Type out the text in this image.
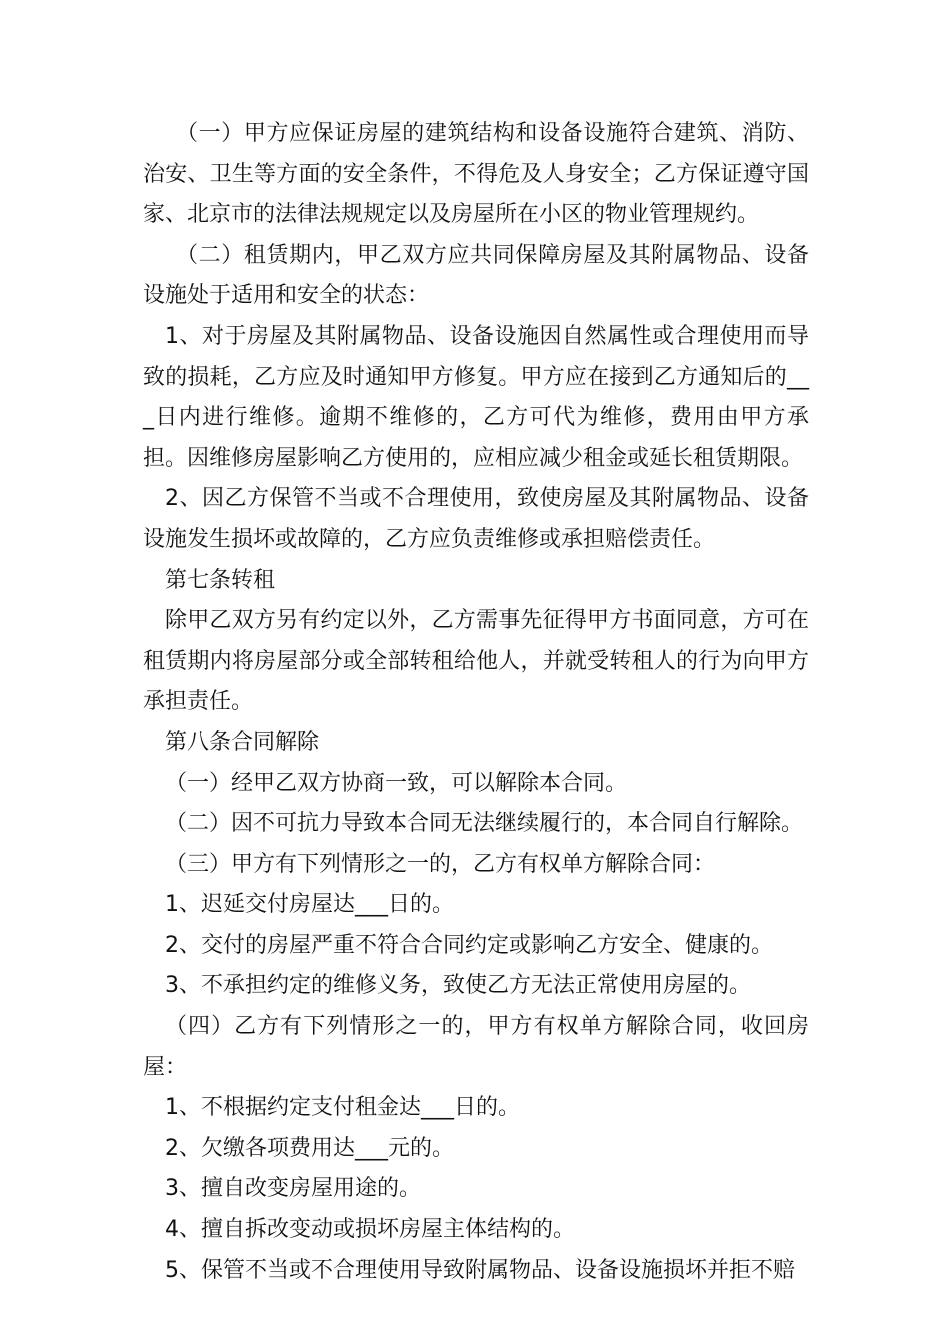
（一）甲方应保证房屋的建筑结构和设备设施符合建筑、消防、治安、卫生等方面的安全条件，不得危及人身安全；乙方保证遵守国家、北京市的法律法规规定以及房屋所在小区的物业管理规约。

（二）租赁期内，甲乙双方应共同保障房屋及其附属物品、设备设施处于适用和安全的状态：

1、对于房屋及其附属物品、设备设施因自然属性或合理使用而导致的损耗，乙方应及时通知甲方修复。甲方应在接到乙方通知后的___日内进行维修。逾期不维修的，乙方可代为维修，费用由甲方承担。因维修房屋影响乙方使用的，应相应减少租金或延长租赁期限。

2、因乙方保管不当或不合理使用，致使房屋及其附属物品、设备设施发生损坏或故障的，乙方应负责维修或承担赔偿责任。

第七条转租

除甲乙双方另有约定以外，乙方需事先征得甲方书面同意，方可在租赁期内将房屋部分或全部转租给他人，并就受转租人的行为向甲方承担责任。

第八条合同解除

（一）经甲乙双方协商一致，可以解除本合同。

（二）因不可抗力导致本合同无法继续履行的，本合同自行解除。

（三）甲方有下列情形之一的，乙方有权单方解除合同：

1、迟延交付房屋达___日的。

2、交付的房屋严重不符合合同约定或影响乙方安全、健康的。

3、不承担约定的维修义务，致使乙方无法正常使用房屋的。

（四）乙方有下列情形之一的，甲方有权单方解除合同，收回房屋：

1、不根据约定支付租金达___日的。

2、欠缴各项费用达___元的。

3、擅自改变房屋用途的。

4、擅自拆改变动或损坏房屋主体结构的。

5、保管不当或不合理使用导致附属物品、设备设施损坏并拒不赔
